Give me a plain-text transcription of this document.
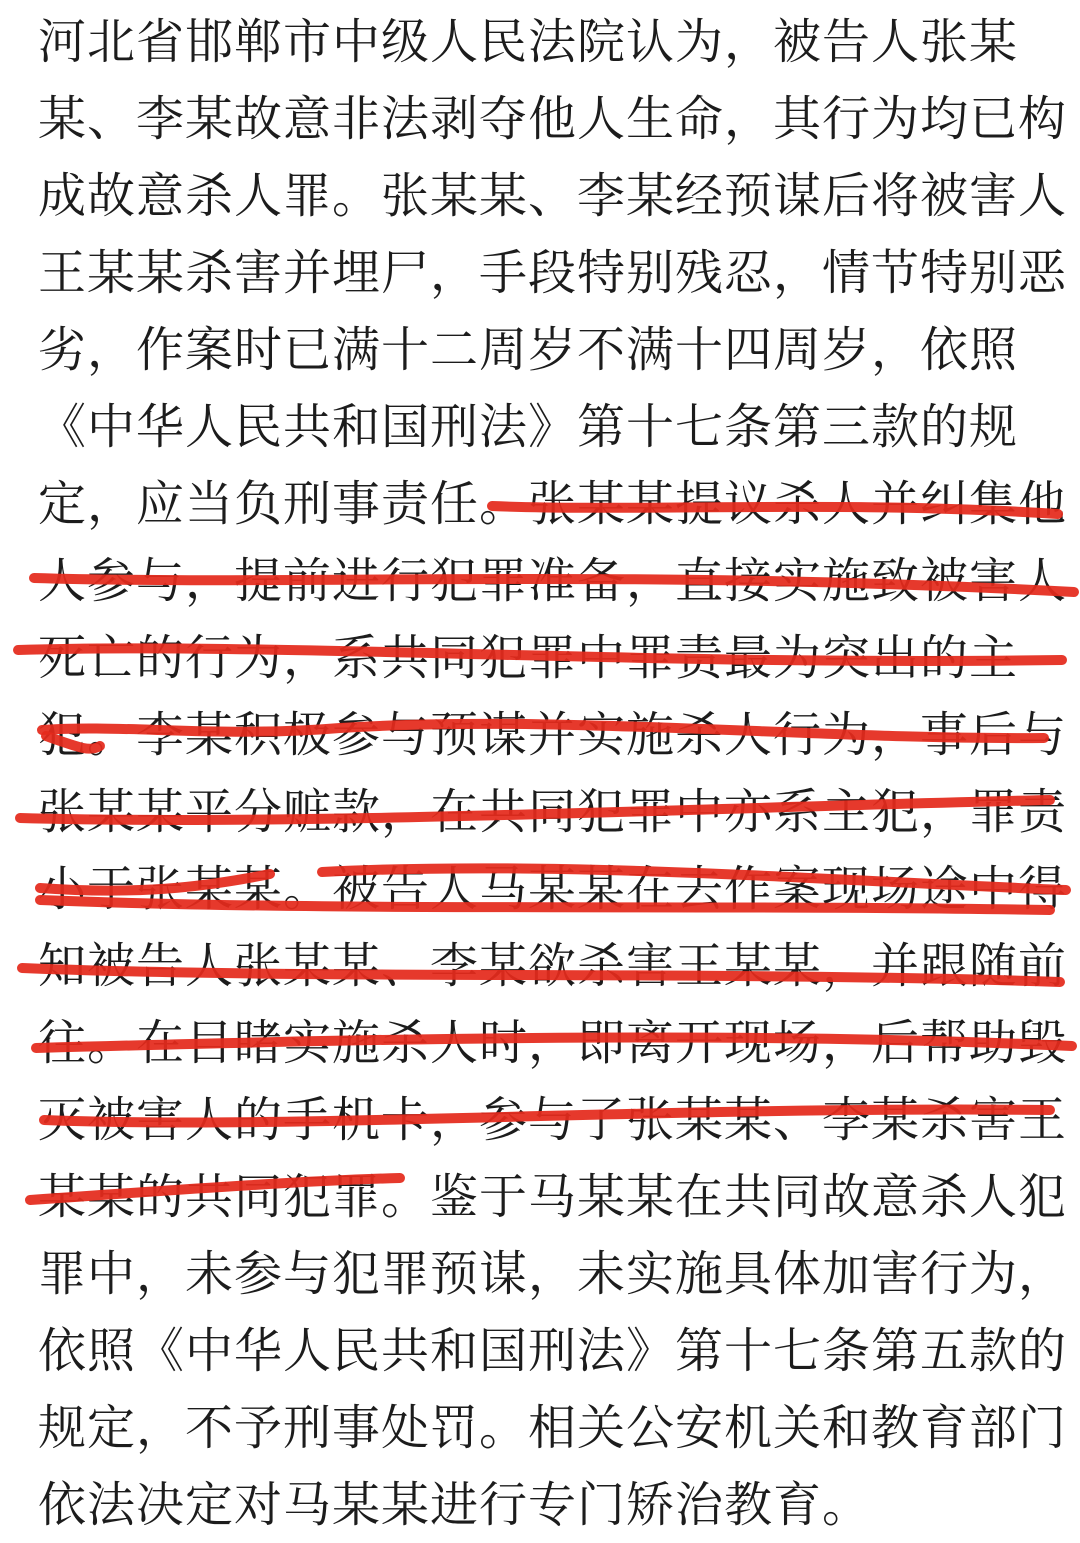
河北省邯郸市中级人民法院认为，被告人张某
某、李某故意非法剥夺他人生命，其行为均已构
成故意杀人罪。张某某、李某经预谋后将被害人
王某某杀害并埋尸，手段特别残忍，情节特别恶
劣，作案时已满十二周岁不满十四周岁，依照
《中华人民共和国刑法》第十七条第三款的规
定，应当负刑事责任。张某某提议杀人并纠集他
人参与，提前进行犯罪准备，直接实施致被害人
死亡的行为，系共同犯罪中罪责最为突出的主
犯。李某积极参与预谋并实施杀人行为，事后与
张某某平分赃款，在共同犯罪中亦系主犯，罪责
小于张某某。被告人马某某在去作案现场途中得
知被告人张某某、李某欲杀害王某某，并跟随前
往。在目睹实施杀人时，即离开现场，后帮助毁
灭被害人的手机卡，参与了张某某、李某杀害王
某某的共同犯罪。鉴于马某某在共同故意杀人犯
罪中，未参与犯罪预谋，未实施具体加害行为，
依照《中华人民共和国刑法》第十七条第五款的
规定，不予刑事处罚。相关公安机关和教育部门
依法决定对马某某进行专门矫治教育。
